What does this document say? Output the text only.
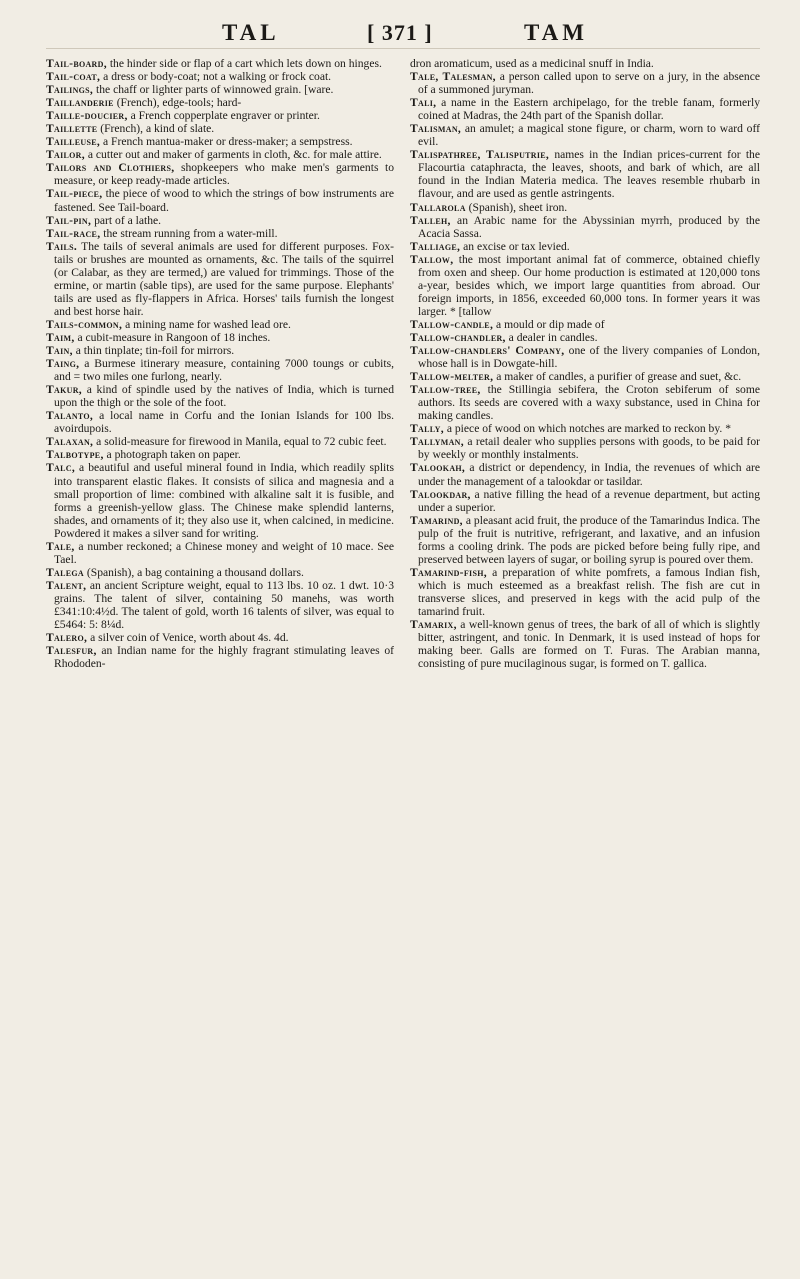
TAL	[ 371 ]	TAM

Tail-board, the hinder side or flap of a cart which lets down on hinges.

Tail-coat, a dress or body-coat; not a walking or frock coat.

Tailings, the chaff or lighter parts of winnowed grain. [ware.

Taillanderie (French), edge-tools; hard-

Taille-doucier, a French copperplate engraver or printer.

Taillette (French), a kind of slate.

Tailleuse, a French mantua-maker or dress-maker; a sempstress.

Tailor, a cutter out and maker of garments in cloth, &c. for male attire.

Tailors and Clothiers, shopkeepers who make men's garments to measure, or keep ready-made articles.

Tail-piece, the piece of wood to which the strings of bow instruments are fastened. See Tail-board.

Tail-pin, part of a lathe.

Tail-race, the stream running from a water-mill.

Tails. The tails of several animals are used for different purposes. Fox-tails or brushes are mounted as ornaments, &c. The tails of the squirrel (or Calabar, as they are termed,) are valued for trimmings. Those of the ermine, or martin (sable tips), are used for the same purpose. Elephants' tails are used as fly-flappers in Africa. Horses' tails furnish the longest and best horse hair.

Tails-common, a mining name for washed lead ore.

Taim, a cubit-measure in Rangoon of 18 inches.

Tain, a thin tinplate; tin-foil for mirrors.

Taing, a Burmese itinerary measure, containing 7000 toungs or cubits, and = two miles one furlong, nearly.

Takur, a kind of spindle used by the natives of India, which is turned upon the thigh or the sole of the foot.

Talanto, a local name in Corfu and the Ionian Islands for 100 lbs. avoirdupois.

Talaxan, a solid-measure for firewood in Manila, equal to 72 cubic feet.

Talbotype, a photograph taken on paper.

Talc, a beautiful and useful mineral found in India, which readily splits into transparent elastic flakes. It consists of silica and magnesia and a small proportion of lime: combined with alkaline salt it is fusible, and forms a greenish-yellow glass. The Chinese make splendid lanterns, shades, and ornaments of it; they also use it, when calcined, in medicine. Powdered it makes a silver sand for writing.

Tale, a number reckoned; a Chinese money and weight of 10 mace. See Tael.

Talega (Spanish), a bag containing a thousand dollars.

Talent, an ancient Scripture weight, equal to 113 lbs. 10 oz. 1 dwt. 10·3 grains. The talent of silver, containing 50 manehs, was worth £341:10:4½d. The talent of gold, worth 16 talents of silver, was equal to £5464: 5: 8¼d.

Talero, a silver coin of Venice, worth about 4s. 4d.

Talesfur, an Indian name for the highly fragrant stimulating leaves of Rhododen-

dron aromaticum, used as a medicinal snuff in India.

Tale, Talesman, a person called upon to serve on a jury, in the absence of a summoned juryman.

Tali, a name in the Eastern archipelago, for the treble fanam, formerly coined at Madras, the 24th part of the Spanish dollar.

Talisman, an amulet; a magical stone figure, or charm, worn to ward off evil.

Talispathree, Talisputrie, names in the Indian prices-current for the Flacourtia cataphracta, the leaves, shoots, and bark of which, are all found in the Indian Materia medica. The leaves resemble rhubarb in flavour, and are used as gentle astringents.

Tallarola (Spanish), sheet iron.

Talleh, an Arabic name for the Abyssinian myrrh, produced by the Acacia Sassa.

Talliage, an excise or tax levied.

Tallow, the most important animal fat of commerce, obtained chiefly from oxen and sheep. Our home production is estimated at 120,000 tons a-year, besides which, we import large quantities from abroad. Our foreign imports, in 1856, exceeded 60,000 tons. In former years it was larger. * [tallow

Tallow-candle, a mould or dip made of

Tallow-chandler, a dealer in candles.

Tallow-chandlers' Company, one of the livery companies of London, whose hall is in Dowgate-hill.

Tallow-melter, a maker of candles, a purifier of grease and suet, &c.

Tallow-tree, the Stillingia sebifera, the Croton sebiferum of some authors. Its seeds are covered with a waxy substance, used in China for making candles.

Tally, a piece of wood on which notches are marked to reckon by. *

Tallyman, a retail dealer who supplies persons with goods, to be paid for by weekly or monthly instalments.

Talookah, a district or dependency, in India, the revenues of which are under the management of a talookdar or tasildar.

Talookdar, a native filling the head of a revenue department, but acting under a superior.

Tamarind, a pleasant acid fruit, the produce of the Tamarindus Indica. The pulp of the fruit is nutritive, refrigerant, and laxative, and an infusion forms a cooling drink. The pods are picked before being fully ripe, and preserved between layers of sugar, or boiling syrup is poured over them.

Tamarind-fish, a preparation of white pomfrets, a famous Indian fish, which is much esteemed as a breakfast relish. The fish are cut in transverse slices, and preserved in kegs with the acid pulp of the tamarind fruit.

Tamarix, a well-known genus of trees, the bark of all of which is slightly bitter, astringent, and tonic. In Denmark, it is used instead of hops for making beer. Galls are formed on T. Furas. The Arabian manna, consisting of pure mucilaginous sugar, is formed on T. gallica.
